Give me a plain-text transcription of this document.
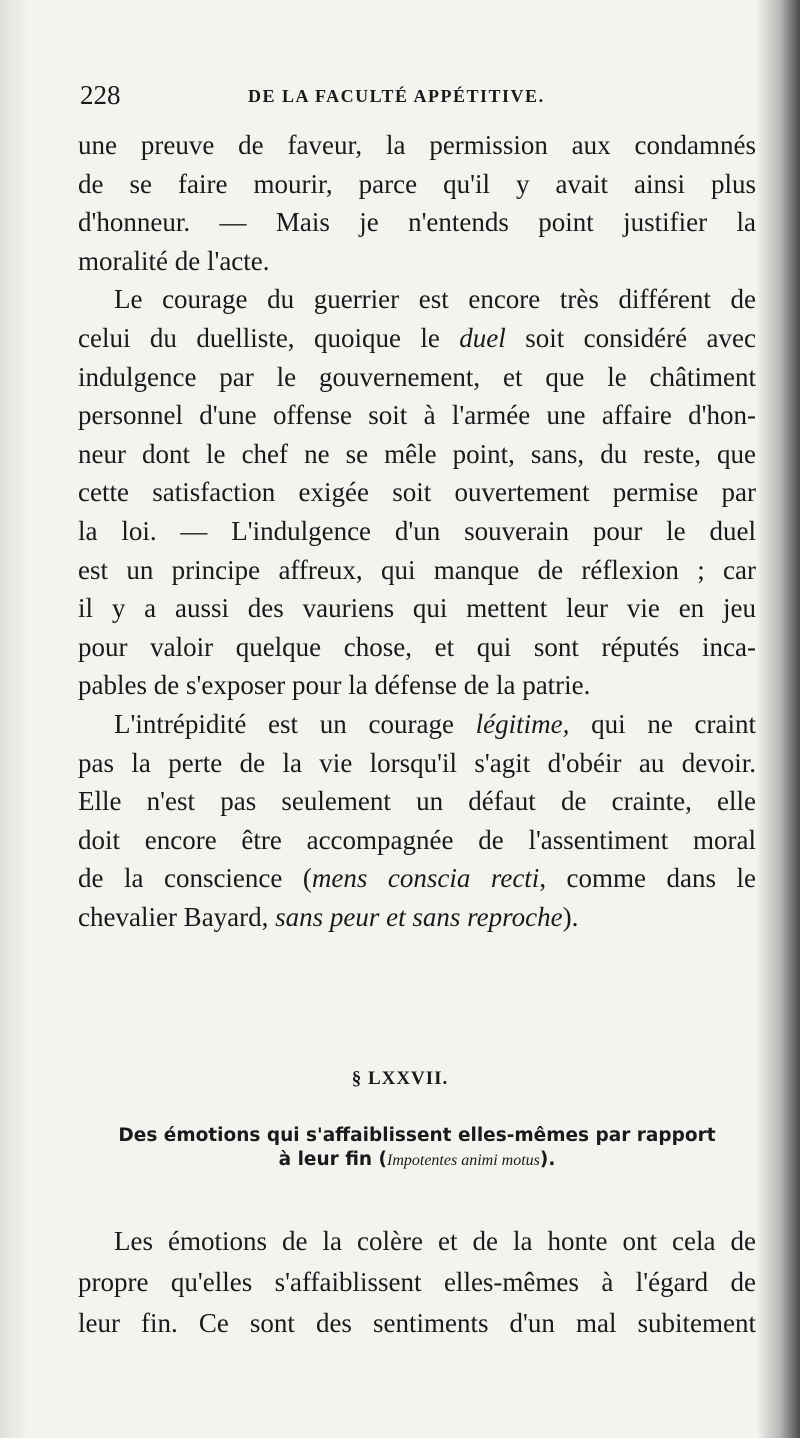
228	DE LA FACULTÉ APPÉTITIVE.
une preuve de faveur, la permission aux condamnés
de se faire mourir, parce qu'il y avait ainsi plus
d'honneur. — Mais je n'entends point justifier la
moralité de l'acte.
Le courage du guerrier est encore très différent de
celui du duelliste, quoique le duel soit considéré avec
indulgence par le gouvernement, et que le châtiment
personnel d'une offense soit à l'armée une affaire d'hon-
neur dont le chef ne se mêle point, sans, du reste, que
cette satisfaction exigée soit ouvertement permise par
la loi. — L'indulgence d'un souverain pour le duel
est un principe affreux, qui manque de réflexion ; car
il y a aussi des vauriens qui mettent leur vie en jeu
pour valoir quelque chose, et qui sont réputés inca-
pables de s'exposer pour la défense de la patrie.
L'intrépidité est un courage légitime, qui ne craint
pas la perte de la vie lorsqu'il s'agit d'obéir au devoir.
Elle n'est pas seulement un défaut de crainte, elle
doit encore être accompagnée de l'assentiment moral
de la conscience (mens conscia recti, comme dans le
chevalier Bayard, sans peur et sans reproche).
§ LXXVII.
Des émotions qui s'affaiblissent elles-mêmes par rapport
à leur fin (Impotentes animi motus).
Les émotions de la colère et de la honte ont cela de
propre qu'elles s'affaiblissent elles-mêmes à l'égard de
leur fin. Ce sont des sentiments d'un mal subitement
